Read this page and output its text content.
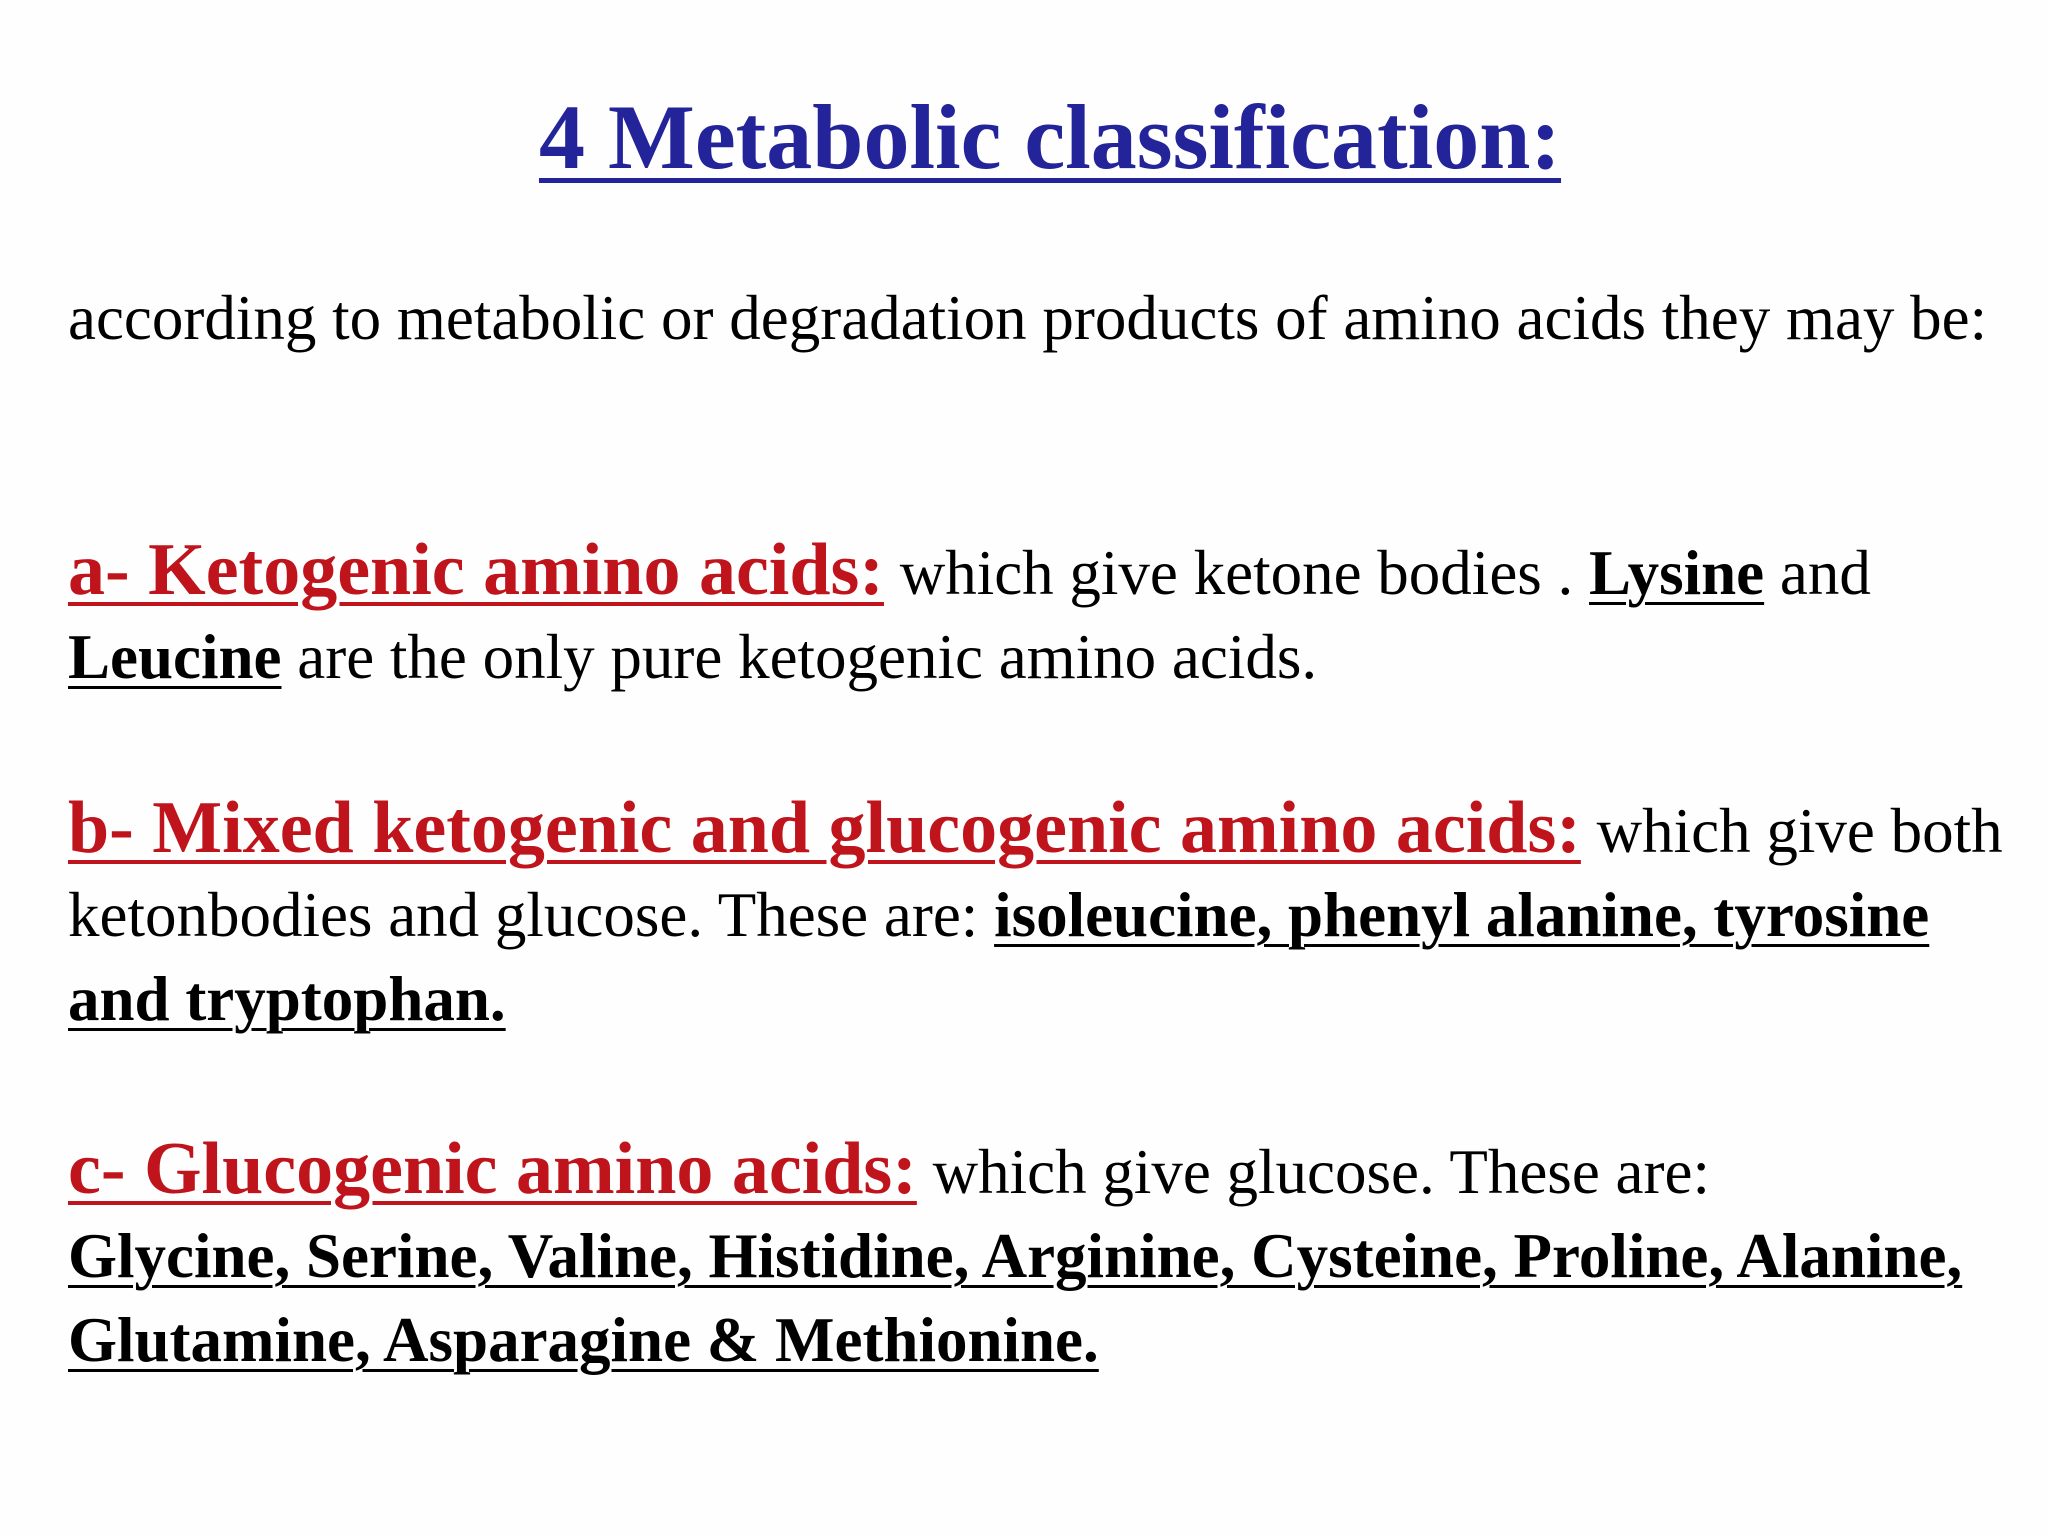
4 Metabolic classification:
according to metabolic or degradation products of amino acids they may be:
a- Ketogenic amino acids: which give ketone bodies . Lysine and
Leucine are the only pure ketogenic amino acids.
b- Mixed ketogenic and glucogenic amino acids: which give both ketonbodies and glucose. These are: isoleucine, phenyl alanine, tyrosine and tryptophan.
c- Glucogenic amino acids: which give glucose. These are:
Glycine, Serine, Valine, Histidine, Arginine, Cysteine, Proline, Alanine, Glutamine, Asparagine & Methionine.
